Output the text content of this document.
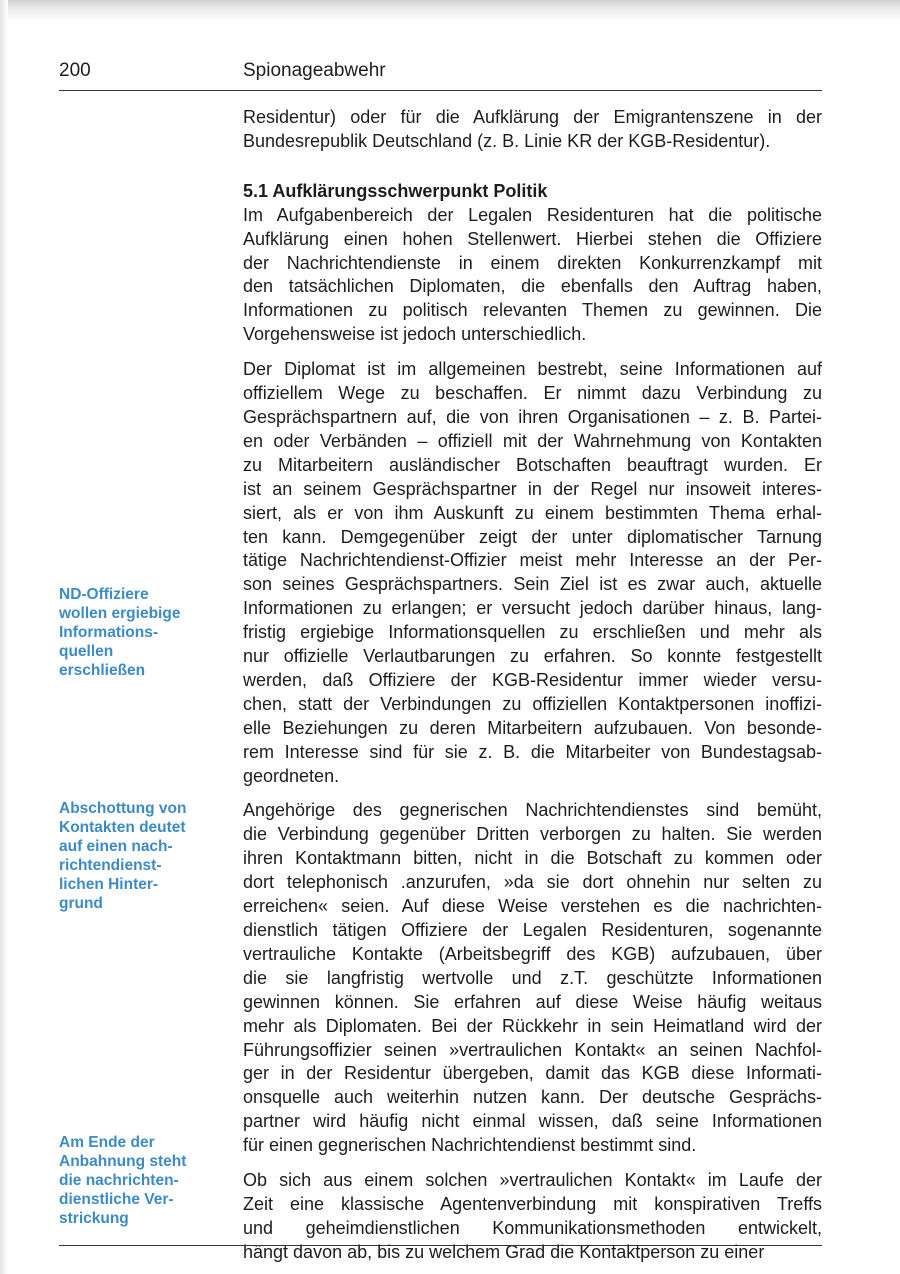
200	Spionageabwehr
Residentur) oder für die Aufklärung der Emigrantenszene in der
Bundesrepublik Deutschland (z. B. Linie KR der KGB-Residentur).
5.1 Aufklärungsschwerpunkt Politik
Im Aufgabenbereich der Legalen Residenturen hat die politische
Aufklärung einen hohen Stellenwert. Hierbei stehen die Offiziere
der Nachrichtendienste in einem direkten Konkurrenzkampf mit
den tatsächlichen Diplomaten, die ebenfalls den Auftrag haben,
Informationen zu politisch relevanten Themen zu gewinnen. Die
Vorgehensweise ist jedoch unterschiedlich.
Der Diplomat ist im allgemeinen bestrebt, seine Informationen auf
offiziellem Wege zu beschaffen. Er nimmt dazu Verbindung zu
Gesprächspartnern auf, die von ihren Organisationen – z. B. Partei-
en oder Verbänden – offiziell mit der Wahrnehmung von Kontakten
zu Mitarbeitern ausländischer Botschaften beauftragt wurden. Er
ist an seinem Gesprächspartner in der Regel nur insoweit interes-
siert, als er von ihm Auskunft zu einem bestimmten Thema erhal-
ten kann. Demgegenüber zeigt der unter diplomatischer Tarnung
tätige Nachrichtendienst-Offizier meist mehr Interesse an der Per-
son seines Gesprächspartners. Sein Ziel ist es zwar auch, aktuelle
Informationen zu erlangen; er versucht jedoch darüber hinaus, lang-
fristig ergiebige Informationsquellen zu erschließen und mehr als
nur offizielle Verlautbarungen zu erfahren. So konnte festgestellt
werden, daß Offiziere der KGB-Residentur immer wieder versu-
chen, statt der Verbindungen zu offiziellen Kontaktpersonen inoffizi-
elle Beziehungen zu deren Mitarbeitern aufzubauen. Von besonde-
rem Interesse sind für sie z. B. die Mitarbeiter von Bundestagsab-
geordneten.
Angehörige des gegnerischen Nachrichtendienstes sind bemüht,
die Verbindung gegenüber Dritten verborgen zu halten. Sie werden
ihren Kontaktmann bitten, nicht in die Botschaft zu kommen oder
dort telephonisch .anzurufen, »da sie dort ohnehin nur selten zu
erreichen« seien. Auf diese Weise verstehen es die nachrichten-
dienstlich tätigen Offiziere der Legalen Residenturen, sogenannte
vertrauliche Kontakte (Arbeitsbegriff des KGB) aufzubauen, über
die sie langfristig wertvolle und z.T. geschützte Informationen
gewinnen können. Sie erfahren auf diese Weise häufig weitaus
mehr als Diplomaten. Bei der Rückkehr in sein Heimatland wird der
Führungsoffizier seinen »vertraulichen Kontakt« an seinen Nachfol-
ger in der Residentur übergeben, damit das KGB diese Informati-
onsquelle auch weiterhin nutzen kann. Der deutsche Gesprächs-
partner wird häufig nicht einmal wissen, daß seine Informationen
für einen gegnerischen Nachrichtendienst bestimmt sind.
Ob sich aus einem solchen »vertraulichen Kontakt« im Laufe der
Zeit eine klassische Agentenverbindung mit konspirativen Treffs
und geheimdienstlichen Kommunikationsmethoden entwickelt,
hängt davon ab, bis zu welchem Grad die Kontaktperson zu einer
ND-Offiziere
wollen ergiebige
Informations-
quellen
erschließen
Abschottung von
Kontakten deutet
auf einen nach-
richtendienst-
lichen Hinter-
grund
Am Ende der
Anbahnung steht
die nachrichten-
dienstliche Ver-
strickung
